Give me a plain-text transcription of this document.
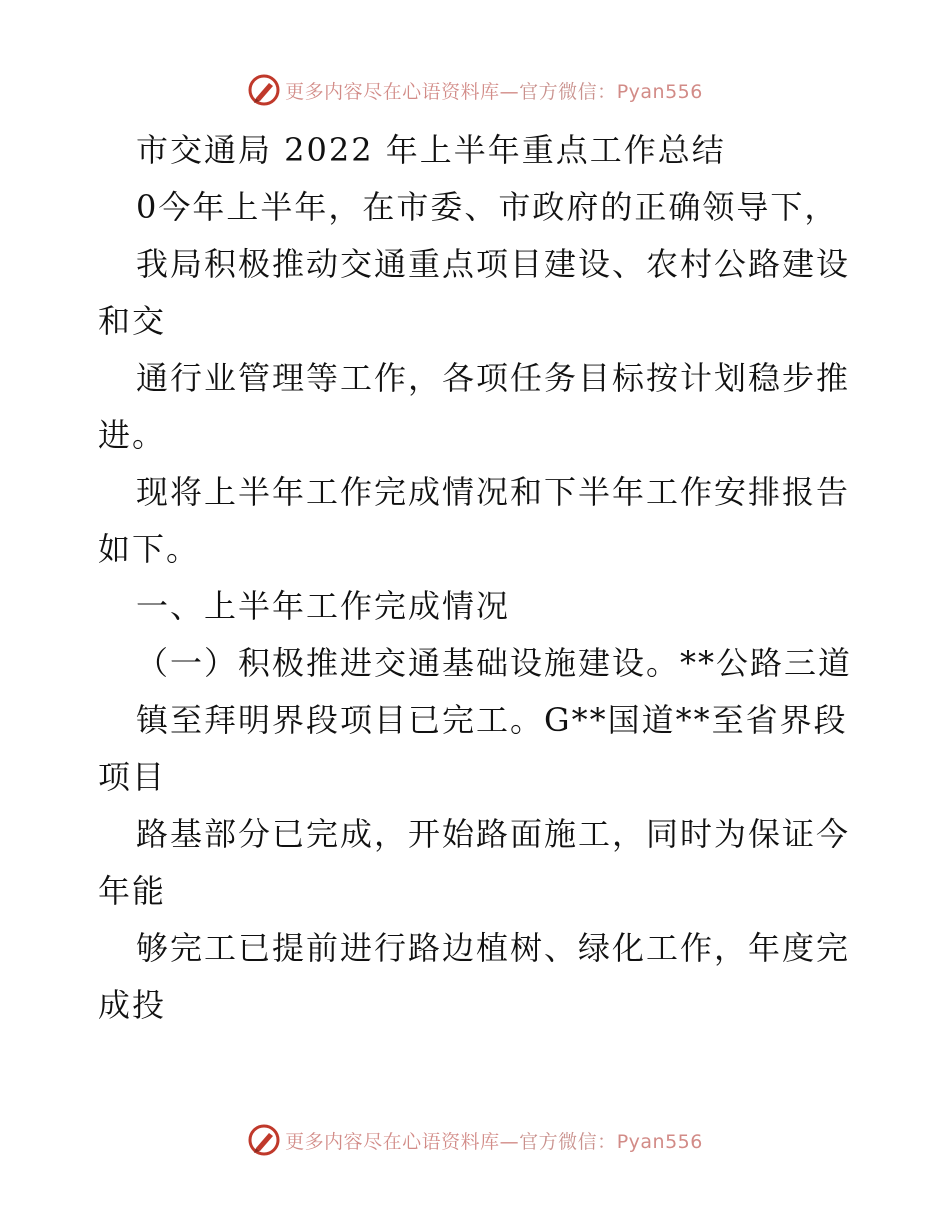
更多内容尽在心语资料库—官方微信：Pyan556

市交通局 2022 年上半年重点工作总结

0今年上半年，在市委、市政府的正确领导下，

我局积极推动交通重点项目建设、农村公路建设

和交

通行业管理等工作，各项任务目标按计划稳步推

进。

现将上半年工作完成情况和下半年工作安排报告

如下。

一、上半年工作完成情况

（一）积极推进交通基础设施建设。**公路三道

镇至拜明界段项目已完工。G**国道**至省界段

项目

路基部分已完成，开始路面施工，同时为保证今

年能

够完工已提前进行路边植树、绿化工作，年度完

成投

更多内容尽在心语资料库—官方微信：Pyan556
